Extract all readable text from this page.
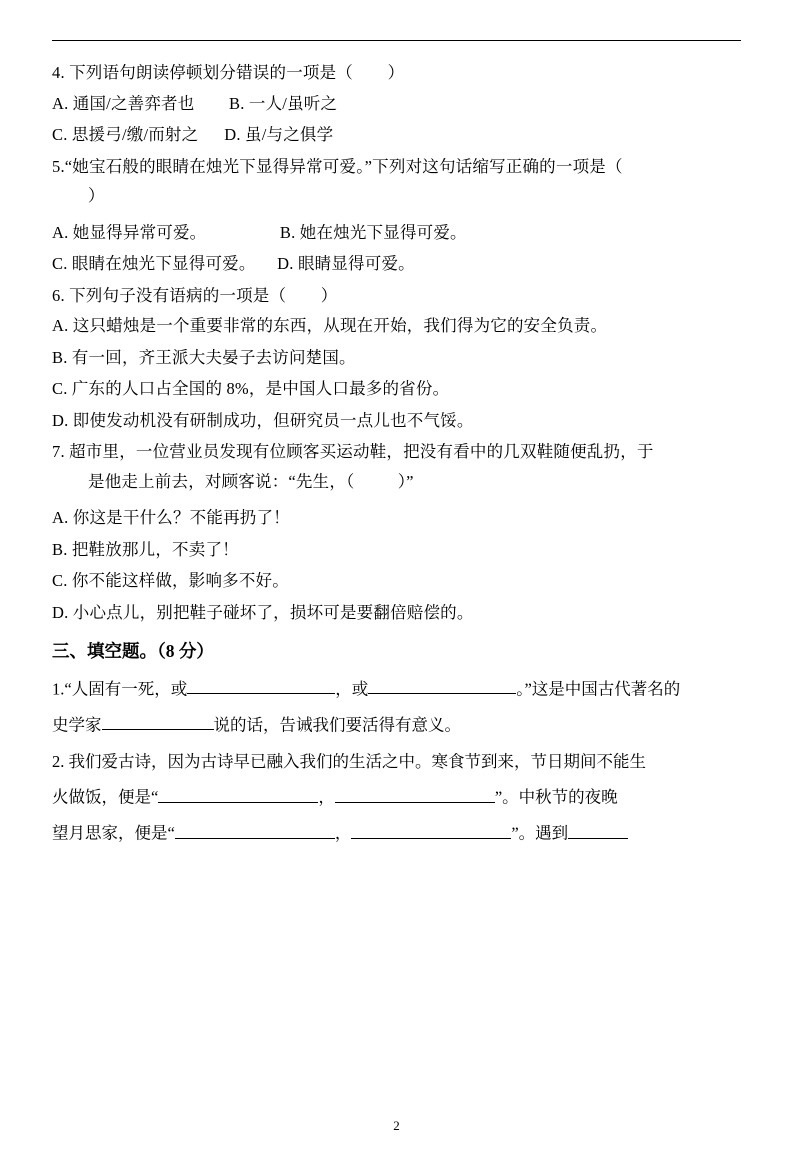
4. 下列语句朗读停顿划分错误的一项是（        ）
A. 通国/之善弈者也        B. 一人/虽听之
C. 思援弓/缴/而射之      D. 虽/与之俱学
5.“她宝石般的眼睛在烛光下显得异常可爱。”下列对这句话缩写正确的一项是（
）
A. 她显得异常可爱。                 B. 她在烛光下显得可爱。
C. 眼睛在烛光下显得可爱。     D. 眼睛显得可爱。
6. 下列句子没有语病的一项是（        ）
A. 这只蜡烛是一个重要非常的东西，从现在开始，我们得为它的安全负责。
B. 有一回，齐王派大夫晏子去访问楚国。
C. 广东的人口占全国的 8%，是中国人口最多的省份。
D. 即使发动机没有研制成功，但研究员一点儿也不气馁。
7. 超市里，一位营业员发现有位顾客买运动鞋，把没有看中的几双鞋随便乱扔，于
是他走上前去，对顾客说：“先生，（          ）”
A. 你这是干什么？不能再扔了！
B. 把鞋放那儿，不卖了！
C. 你不能这样做，影响多不好。
D. 小心点儿，别把鞋子碰坏了，损坏可是要翻倍赔偿的。
三、填空题。（8 分）
1.“人固有一死，或	，或	。”这是中国古代著名的
史学家	说的话，告诫我们要活得有意义。
2. 我们爱古诗，因为古诗早已融入我们的生活之中。寒食节到来，节日期间不能生
火做饭，便是“	，	”。中秋节的夜晚
望月思家，便是“	，	”。遇到
2
